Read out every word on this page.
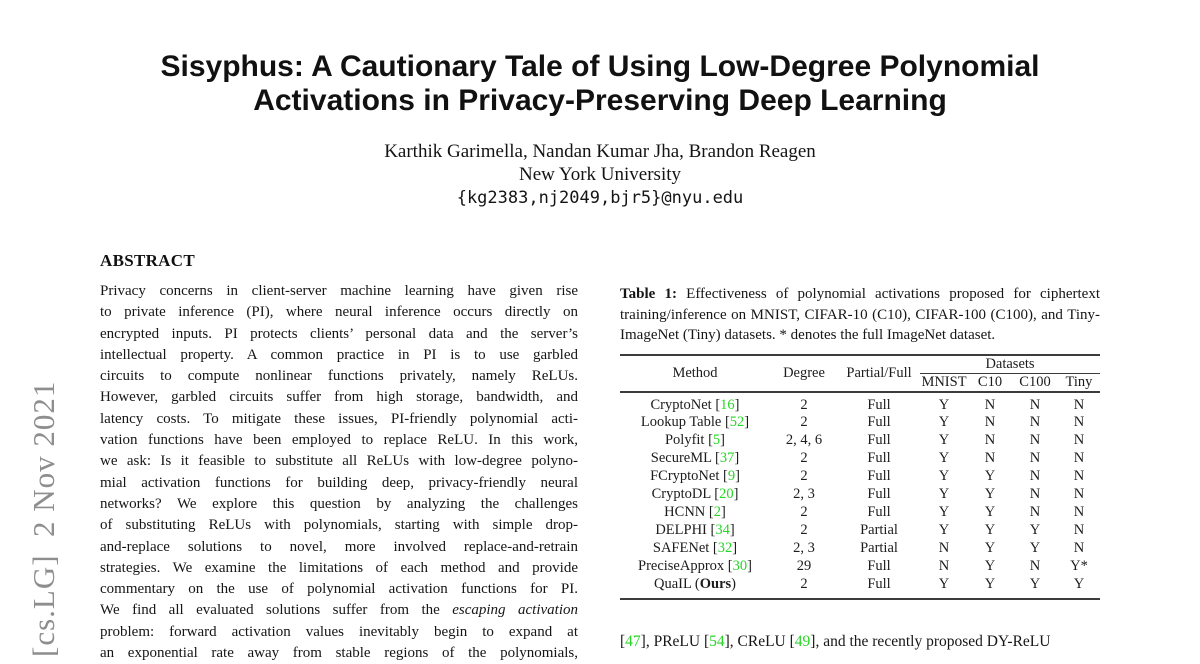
[cs.LG]  2 Nov 2021
Sisyphus: A Cautionary Tale of Using Low-Degree Polynomial Activations in Privacy-Preserving Deep Learning
Karthik Garimella, Nandan Kumar Jha, Brandon Reagen
New York University
{kg2383,nj2049,bjr5}@nyu.edu
ABSTRACT
Privacy concerns in client-server machine learning have given rise
to private inference (PI), where neural inference occurs directly on
encrypted inputs. PI protects clients’ personal data and the server’s
intellectual property. A common practice in PI is to use garbled
circuits to compute nonlinear functions privately, namely ReLUs.
However, garbled circuits suffer from high storage, bandwidth, and
latency costs. To mitigate these issues, PI-friendly polynomial acti-
vation functions have been employed to replace ReLU. In this work,
we ask: Is it feasible to substitute all ReLUs with low-degree polyno-
mial activation functions for building deep, privacy-friendly neural
networks? We explore this question by analyzing the challenges
of substituting ReLUs with polynomials, starting with simple drop-
and-replace solutions to novel, more involved replace-and-retrain
strategies. We examine the limitations of each method and provide
commentary on the use of polynomial activation functions for PI.
We find all evaluated solutions suffer from the escaping activation
problem: forward activation values inevitably begin to expand at
an exponential rate away from stable regions of the polynomials,

Table 1: Effectiveness of polynomial activations proposed for ciphertext training/inference on MNIST, CIFAR-10 (C10), CIFAR-100 (C100), and Tiny-ImageNet (Tiny) datasets. * denotes the full ImageNet dataset.

Method	Degree	Partial/Full	Datasets			
			MNIST	C10	C100	Tiny
CryptoNet [16]	2	Full	Y	N	N	N
Lookup Table [52]	2	Full	Y	N	N	N
Polyfit [5]	2, 4, 6	Full	Y	N	N	N
SecureML [37]	2	Full	Y	N	N	N
FCryptoNet [9]	2	Full	Y	Y	N	N
CryptoDL [20]	2, 3	Full	Y	Y	N	N
HCNN [2]	2	Full	Y	Y	N	N
DELPHI [34]	2	Partial	Y	Y	Y	N
SAFENet [32]	2, 3	Partial	N	Y	Y	N
PreciseApprox [30]	29	Full	N	Y	N	Y*
QuaIL (Ours)	2	Full	Y	Y	Y	Y
[47], PReLU [54], CReLU [49], and the recently proposed DY-ReLU
